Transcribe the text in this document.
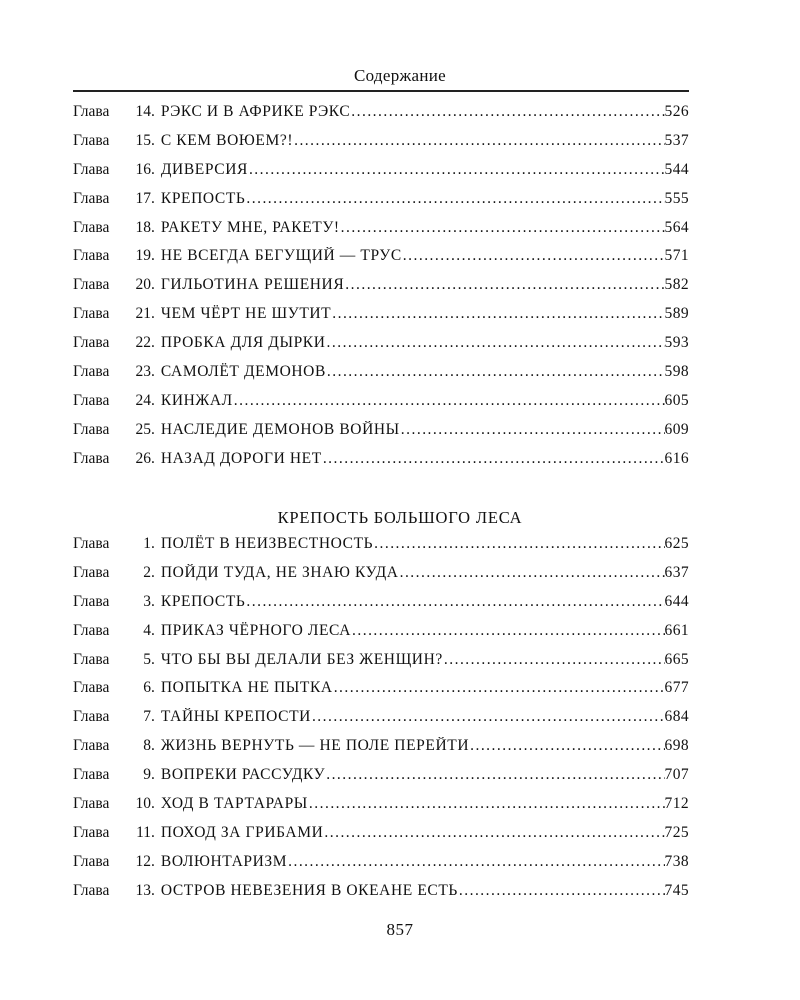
Содержание
Глава	14 . РЭКС И В АФРИКЕ РЭКС . . .	526
Глава	15 . С КЕМ ВОЮЕМ?! . . .	537
Глава	16 . ДИВЕРСИЯ . . .	544
Глава	17 . КРЕПОСТЬ . . .	555
Глава	18 . РАКЕТУ МНЕ, РАКЕТУ! . . .	564
Глава	19 . НЕ ВСЕГДА БЕГУЩИЙ — ТРУС . . .	571
Глава	20 . ГИЛЬОТИНА РЕШЕНИЯ . . .	582
Глава	21 . ЧЕМ ЧЁРТ НЕ ШУТИТ . . .	589
Глава	22 . ПРОБКА ДЛЯ ДЫРКИ . . .	593
Глава	23 . САМОЛЁТ ДЕМОНОВ . . .	598
Глава	24 . КИНЖАЛ . . .	605
Глава	25 . НАСЛЕДИЕ ДЕМОНОВ ВОЙНЫ . . .	609
Глава	26 . НАЗАД ДОРОГИ НЕТ . . .	616
КРЕПОСТЬ БОЛЬШОГО ЛЕСА
Глава	1 . ПОЛЁТ В НЕИЗВЕСТНОСТЬ . . .	625
Глава	2 . ПОЙДИ ТУДА, НЕ ЗНАЮ КУДА . . .	637
Глава	3 . КРЕПОСТЬ . . .	644
Глава	4 . ПРИКАЗ ЧЁРНОГО ЛЕСА . . .	661
Глава	5 . ЧТО БЫ ВЫ ДЕЛАЛИ БЕЗ ЖЕНЩИН? . . .	665
Глава	6 . ПОПЫТКА НЕ ПЫТКА . . .	677
Глава	7 . ТАЙНЫ КРЕПОСТИ . . .	684
Глава	8 . ЖИЗНЬ ВЕРНУТЬ — НЕ ПОЛЕ ПЕРЕЙТИ . . .	698
Глава	9 . ВОПРЕКИ РАССУДКУ . . .	707
Глава	10 . ХОД В ТАРТАРАРЫ . . .	712
Глава	11 . ПОХОД ЗА ГРИБАМИ . . .	725
Глава	12 . ВОЛЮНТАРИЗМ . . .	738
Глава	13 . ОСТРОВ НЕВЕЗЕНИЯ В ОКЕАНЕ ЕСТЬ . . .	745
857
